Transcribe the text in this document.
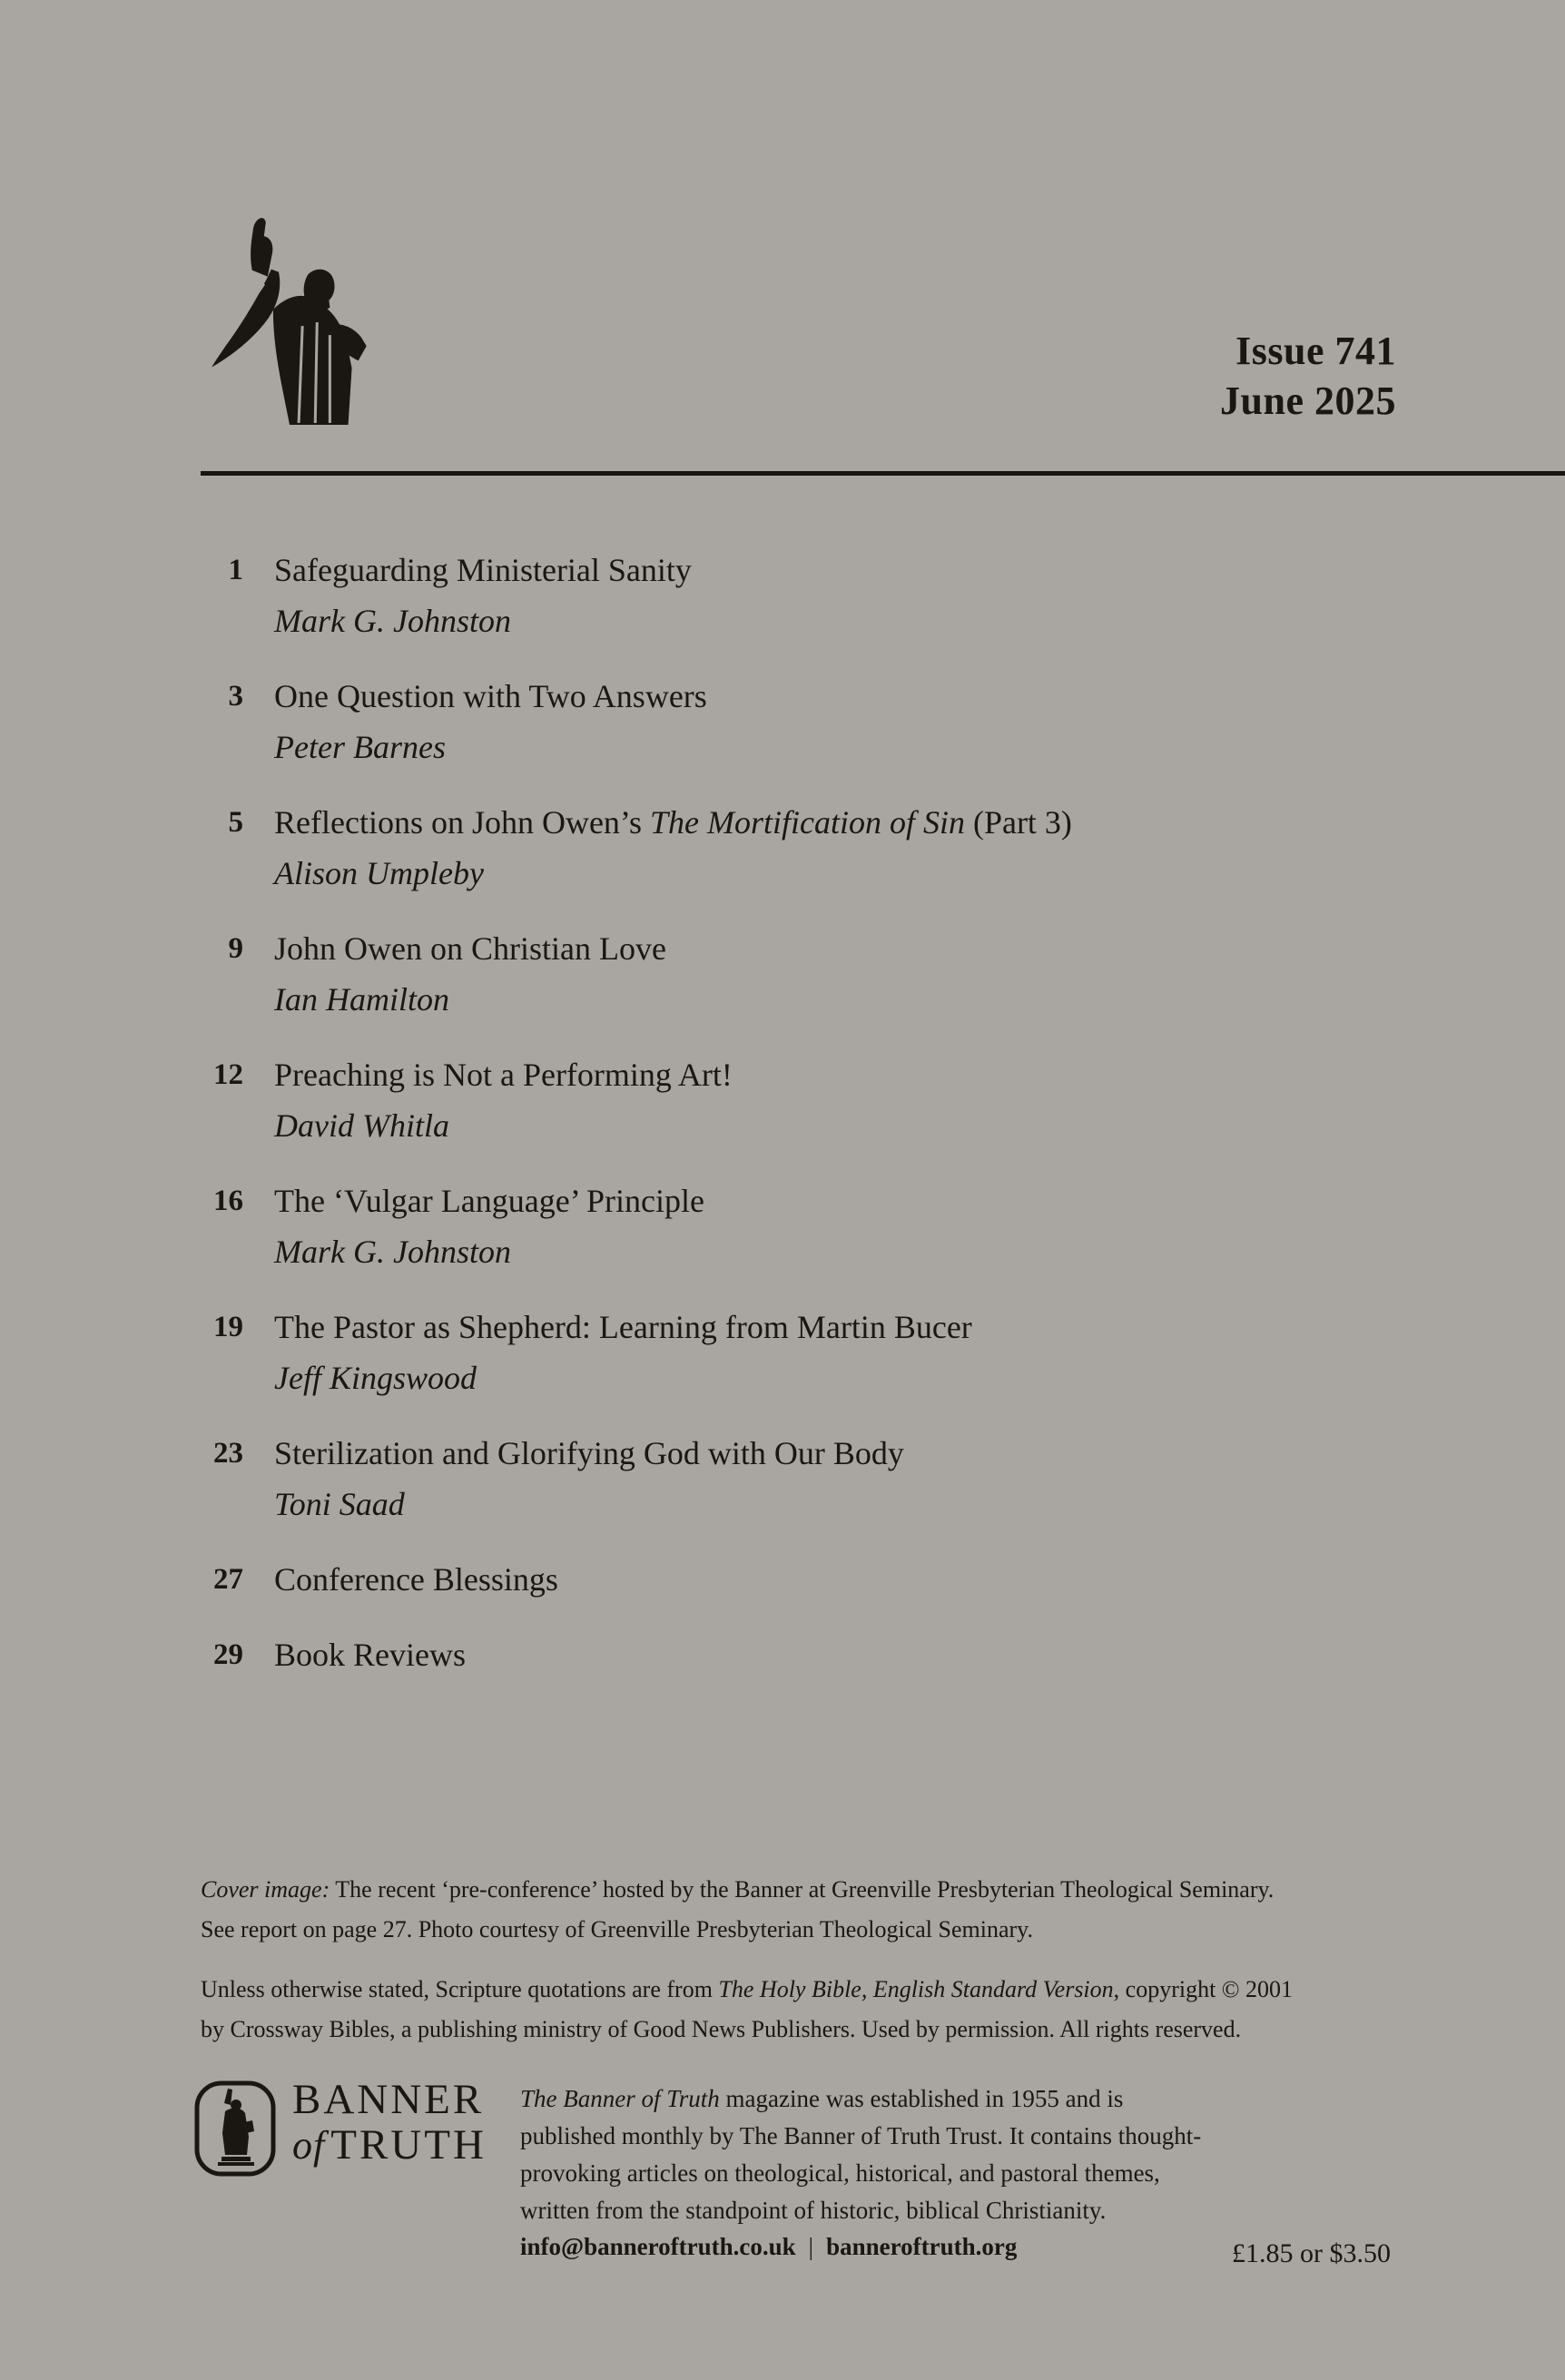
Issue 741
June 2025
1 Safeguarding Ministerial Sanity
Mark G. Johnston
3 One Question with Two Answers
Peter Barnes
5 Reflections on John Owen’s The Mortification of Sin (Part 3)
Alison Umpleby
9 John Owen on Christian Love
Ian Hamilton
12 Preaching is Not a Performing Art!
David Whitla
16 The ‘Vulgar Language’ Principle
Mark G. Johnston
19 The Pastor as Shepherd: Learning from Martin Bucer
Jeff Kingswood
23 Sterilization and Glorifying God with Our Body
Toni Saad
27 Conference Blessings
29 Book Reviews
Cover image: The recent ‘pre-conference’ hosted by the Banner at Greenville Presbyterian Theological Seminary.
See report on page 27. Photo courtesy of Greenville Presbyterian Theological Seminary.
Unless otherwise stated, Scripture quotations are from The Holy Bible, English Standard Version, copyright © 2001
by Crossway Bibles, a publishing ministry of Good News Publishers. Used by permission. All rights reserved.
BANNER
of TRUTH
The Banner of Truth magazine was established in 1955 and is
published monthly by The Banner of Truth Trust. It contains thought-
provoking articles on theological, historical, and pastoral themes,
written from the standpoint of historic, biblical Christianity.
info@banneroftruth.co.uk | banneroftruth.org	£1.85 or $3.50
